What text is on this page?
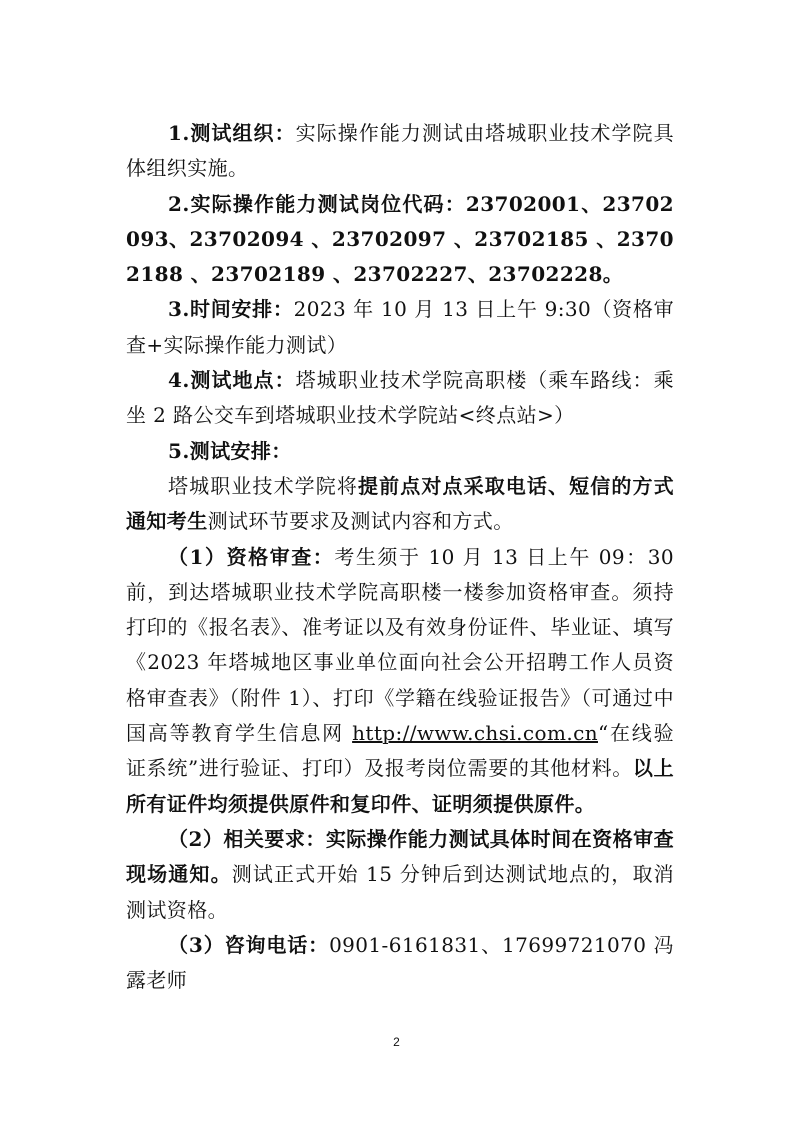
1.测试组织：实际操作能力测试由塔城职业技术学院具体组织实施。

2.实际操作能力测试岗位代码：23702001、23702093、23702094 、23702097 、23702185 、23702188 、23702189 、23702227、23702228。

3.时间安排：2023 年 10 月 13 日上午 9:30（资格审查+实际操作能力测试）

4.测试地点：塔城职业技术学院高职楼（乘车路线：乘坐 2 路公交车到塔城职业技术学院站<终点站>）

5.测试安排：

塔城职业技术学院将提前点对点采取电话、短信的方式通知考生测试环节要求及测试内容和方式。

（1）资格审查：考生须于 10 月 13 日上午 09：30 前，到达塔城职业技术学院高职楼一楼参加资格审查。须持打印的《报名表》、准考证以及有效身份证件、毕业证、填写《2023 年塔城地区事业单位面向社会公开招聘工作人员资格审查表》（附件 1）、打印《学籍在线验证报告》（可通过中国高等教育学生信息网 http://www.chsi.com.cn“在线验证系统”进行验证、打印）及报考岗位需要的其他材料。以上所有证件均须提供原件和复印件、证明须提供原件。

（2）相关要求：实际操作能力测试具体时间在资格审查现场通知。测试正式开始 15 分钟后到达测试地点的，取消测试资格。

（3）咨询电话：0901-6161831、17699721070 冯露老师

2
